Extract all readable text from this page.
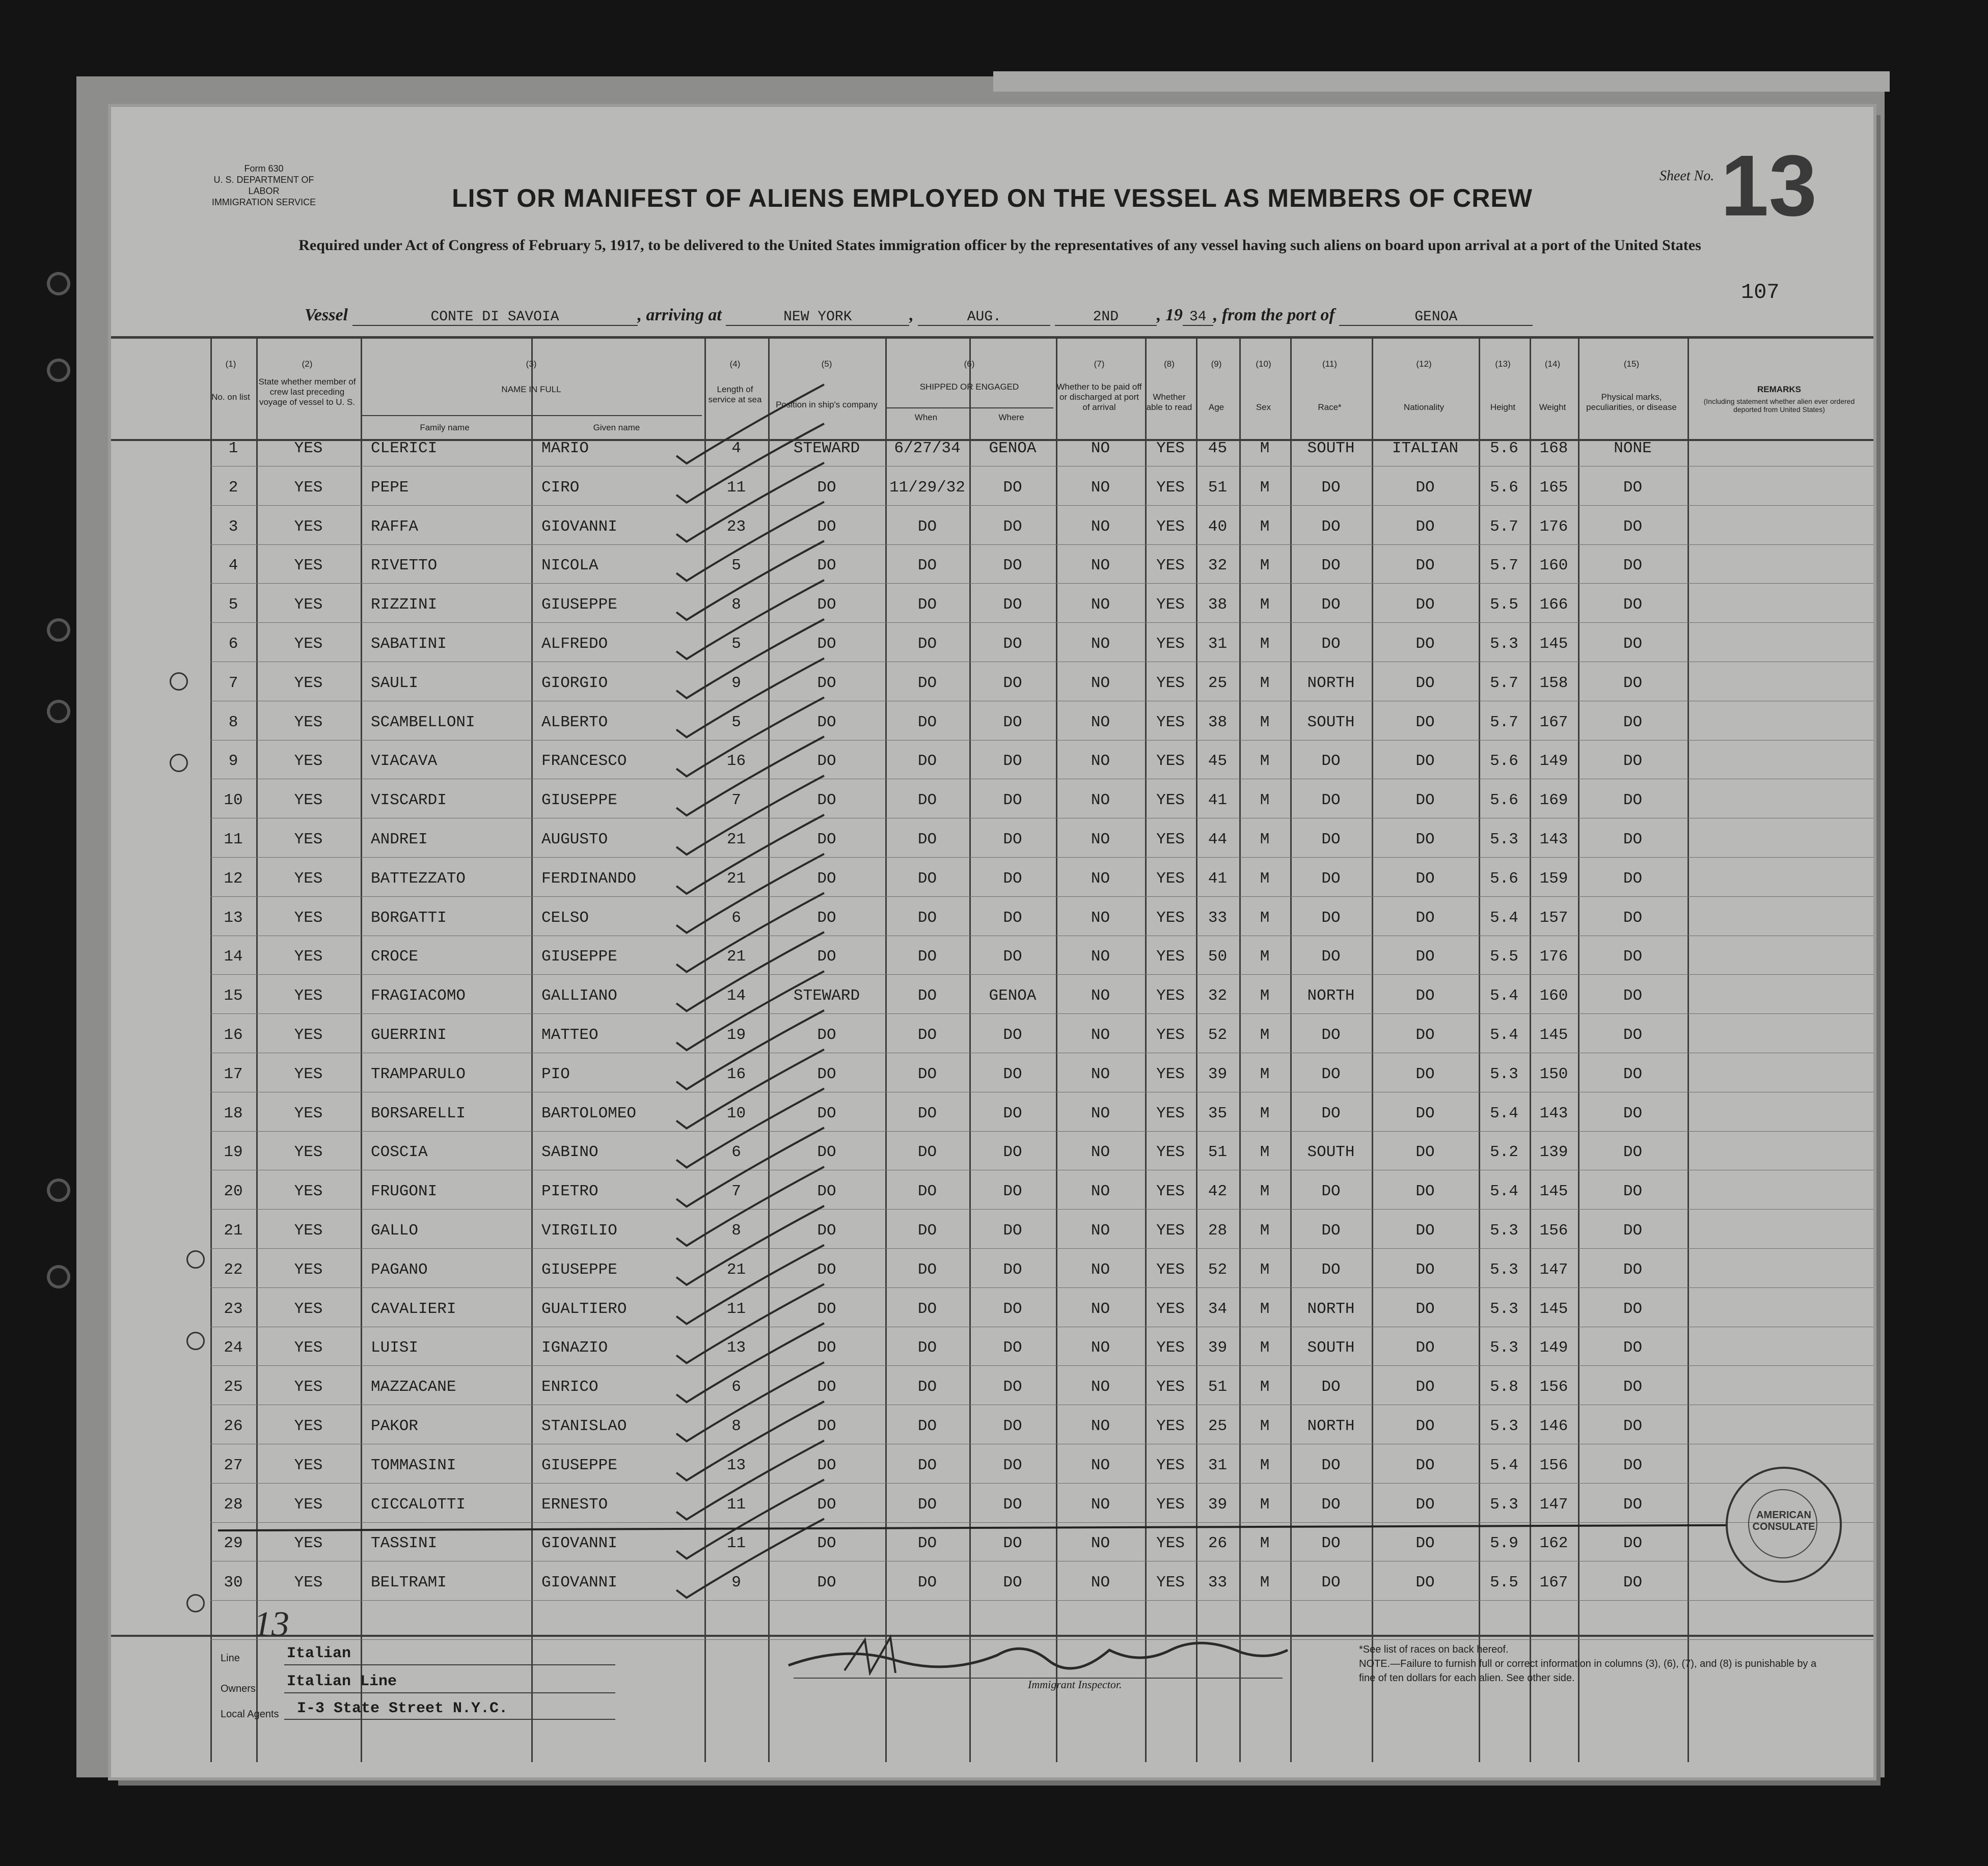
Form 630
U. S. DEPARTMENT OF LABOR
IMMIGRATION SERVICE
Sheet No. 13
LIST OR MANIFEST OF ALIENS EMPLOYED ON THE VESSEL AS MEMBERS OF CREW
Required under Act of Congress of February 5, 1917, to be delivered to the United States immigration officer by the representatives of any vessel having such aliens on board upon arrival at a port of the United States
107
Vessel	CONTE DI SAVOIA	, arriving at	NEW YORK	,	AUG.	2ND , 19 34 , from the port of	GENOA
(1)	(2)	(3)	(4)	(5)	(6)	(7)	(8)	(9)	(10)	(11)	(12)	(13)	(14)	(15)
No. on list
State whether member of crew last preceding voyage of vessel to U. S.
NAME IN FULL
Family name	Given name
Length of service at sea
Position in ship's company
SHIPPED OR ENGAGED
When	Where
Whether to be paid off or discharged at port of arrival
Whether able to read	Age	Sex	Race*	Nationality	Height	Weight
Physical marks, peculiarities, or disease
REMARKS
(Including statement whether alien ever ordered deported from United States)
1	YES	CLERICI	MARIO	4	STEWARD	6/27/34	GENOA	NO	YES	45	M	SOUTH	ITALIAN	5.6	168	NONE
2	YES	PEPE	CIRO	11	DO	11/29/32	DO	NO	YES	51	M	DO	DO	5.6	165	DO
3	YES	RAFFA	GIOVANNI	23	DO	DO	DO	NO	YES	40	M	DO	DO	5.7	176	DO
4	YES	RIVETTO	NICOLA	5	DO	DO	DO	NO	YES	32	M	DO	DO	5.7	160	DO
5	YES	RIZZINI	GIUSEPPE	8	DO	DO	DO	NO	YES	38	M	DO	DO	5.5	166	DO
6	YES	SABATINI	ALFREDO	5	DO	DO	DO	NO	YES	31	M	DO	DO	5.3	145	DO
7	YES	SAULI	GIORGIO	9	DO	DO	DO	NO	YES	25	M	NORTH	DO	5.7	158	DO
8	YES	SCAMBELLONI	ALBERTO	5	DO	DO	DO	NO	YES	38	M	SOUTH	DO	5.7	167	DO
9	YES	VIACAVA	FRANCESCO	16	DO	DO	DO	NO	YES	45	M	DO	DO	5.6	149	DO
10	YES	VISCARDI	GIUSEPPE	7	DO	DO	DO	NO	YES	41	M	DO	DO	5.6	169	DO
11	YES	ANDREI	AUGUSTO	21	DO	DO	DO	NO	YES	44	M	DO	DO	5.3	143	DO
12	YES	BATTEZZATO	FERDINANDO	21	DO	DO	DO	NO	YES	41	M	DO	DO	5.6	159	DO
13	YES	BORGATTI	CELSO	6	DO	DO	DO	NO	YES	33	M	DO	DO	5.4	157	DO
14	YES	CROCE	GIUSEPPE	21	DO	DO	DO	NO	YES	50	M	DO	DO	5.5	176	DO
15	YES	FRAGIACOMO	GALLIANO	14	STEWARD	DO	GENOA	NO	YES	32	M	NORTH	DO	5.4	160	DO
16	YES	GUERRINI	MATTEO	19	DO	DO	DO	NO	YES	52	M	DO	DO	5.4	145	DO
17	YES	TRAMPARULO	PIO	16	DO	DO	DO	NO	YES	39	M	DO	DO	5.3	150	DO
18	YES	BORSARELLI	BARTOLOMEO	10	DO	DO	DO	NO	YES	35	M	DO	DO	5.4	143	DO
19	YES	COSCIA	SABINO	6	DO	DO	DO	NO	YES	51	M	SOUTH	DO	5.2	139	DO
20	YES	FRUGONI	PIETRO	7	DO	DO	DO	NO	YES	42	M	DO	DO	5.4	145	DO
21	YES	GALLO	VIRGILIO	8	DO	DO	DO	NO	YES	28	M	DO	DO	5.3	156	DO
22	YES	PAGANO	GIUSEPPE	21	DO	DO	DO	NO	YES	52	M	DO	DO	5.3	147	DO
23	YES	CAVALIERI	GUALTIERO	11	DO	DO	DO	NO	YES	34	M	NORTH	DO	5.3	145	DO
24	YES	LUISI	IGNAZIO	13	DO	DO	DO	NO	YES	39	M	SOUTH	DO	5.3	149	DO
25	YES	MAZZACANE	ENRICO	6	DO	DO	DO	NO	YES	51	M	DO	DO	5.8	156	DO
26	YES	PAKOR	STANISLAO	8	DO	DO	DO	NO	YES	25	M	NORTH	DO	5.3	146	DO
27	YES	TOMMASINI	GIUSEPPE	13	DO	DO	DO	NO	YES	31	M	DO	DO	5.4	156	DO
28	YES	CICCALOTTI	ERNESTO	11	DO	DO	DO	NO	YES	39	M	DO	DO	5.3	147	DO
29	YES	TASSINI	GIOVANNI	11	DO	DO	DO	NO	YES	26	M	DO	DO	5.9	162	DO
30	YES	BELTRAMI	GIOVANNI	9	DO	DO	DO	NO	YES	33	M	DO	DO	5.5	167	DO
Line	Italian
Owners Italian Line
Local Agents I-3 State Street N.Y.C.
13
Immigrant Inspector.
*See list of races on back hereof.
NOTE.—Failure to furnish full or correct information in columns (3), (6), (7), and (8) is punishable by a fine of ten dollars for each alien. See other side.
AMERICAN CONSULATE
